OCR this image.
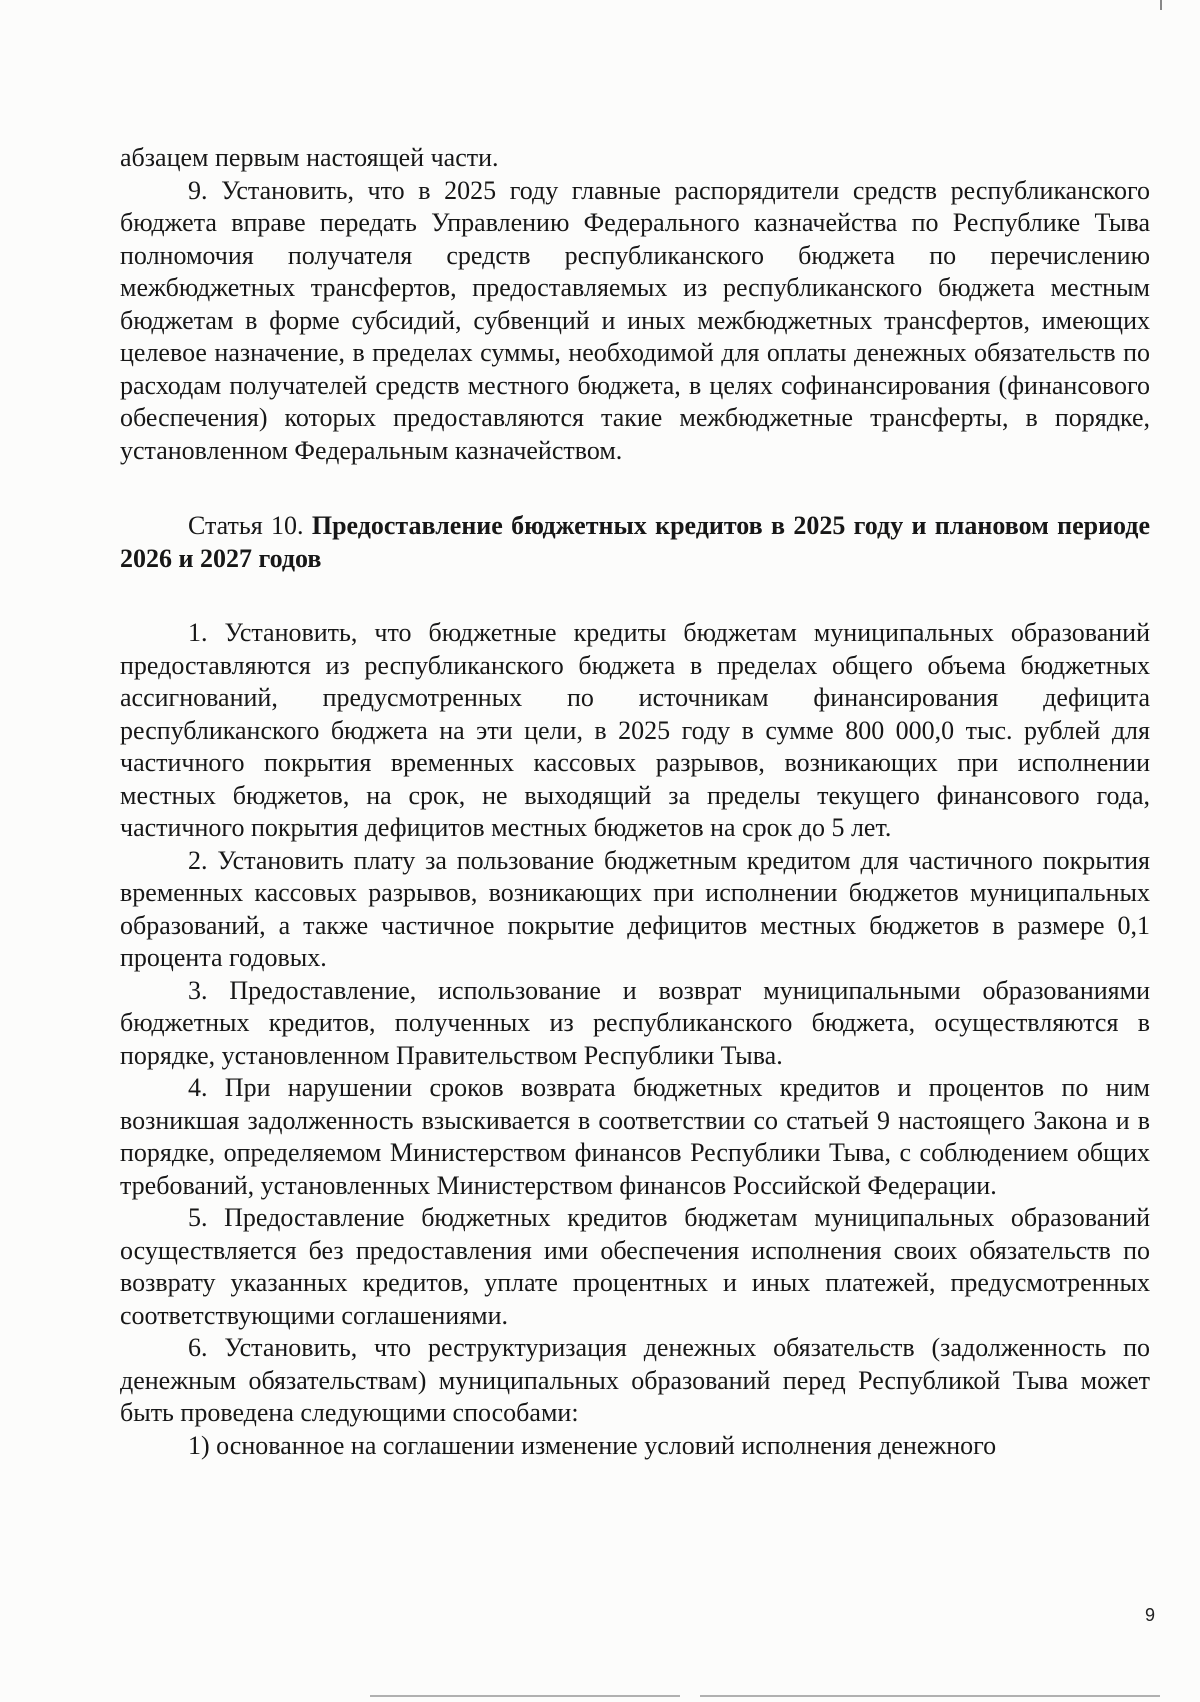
абзацем первым настоящей части.

9. Установить, что в 2025 году главные распорядители средств республиканского бюджета вправе передать Управлению Федерального казначейства по Республике Тыва полномочия получателя средств республиканского бюджета по перечислению межбюджетных трансфертов, предоставляемых из республиканского бюджета местным бюджетам в форме субсидий, субвенций и иных межбюджетных трансфертов, имеющих целевое назначение, в пределах суммы, необходимой для оплаты денежных обязательств по расходам получателей средств местного бюджета, в целях софинансирования (финансового обеспечения) которых предоставляются такие межбюджетные трансферты, в порядке, установленном Федеральным казначейством.

Статья 10. Предоставление бюджетных кредитов в 2025 году и плановом периоде 2026 и 2027 годов

1. Установить, что бюджетные кредиты бюджетам муниципальных образований предоставляются из республиканского бюджета в пределах общего объема бюджетных ассигнований, предусмотренных по источникам финансирования дефицита республиканского бюджета на эти цели, в 2025 году в сумме 800 000,0 тыс. рублей для частичного покрытия временных кассовых разрывов, возникающих при исполнении местных бюджетов, на срок, не выходящий за пределы текущего финансового года, частичного покрытия дефицитов местных бюджетов на срок до 5 лет.

2. Установить плату за пользование бюджетным кредитом для частичного покрытия временных кассовых разрывов, возникающих при исполнении бюджетов муниципальных образований, а также частичное покрытие дефицитов местных бюджетов в размере 0,1 процента годовых.

3. Предоставление, использование и возврат муниципальными образованиями бюджетных кредитов, полученных из республиканского бюджета, осуществляются в порядке, установленном Правительством Республики Тыва.

4. При нарушении сроков возврата бюджетных кредитов и процентов по ним возникшая задолженность взыскивается в соответствии со статьей 9 настоящего Закона и в порядке, определяемом Министерством финансов Республики Тыва, с соблюдением общих требований, установленных Министерством финансов Российской Федерации.

5. Предоставление бюджетных кредитов бюджетам муниципальных образований осуществляется без предоставления ими обеспечения исполнения своих обязательств по возврату указанных кредитов, уплате процентных и иных платежей, предусмотренных соответствующими соглашениями.

6. Установить, что реструктуризация денежных обязательств (задолженность по денежным обязательствам) муниципальных образований перед Республикой Тыва может быть проведена следующими способами:

1) основанное на соглашении изменение условий исполнения денежного

9
